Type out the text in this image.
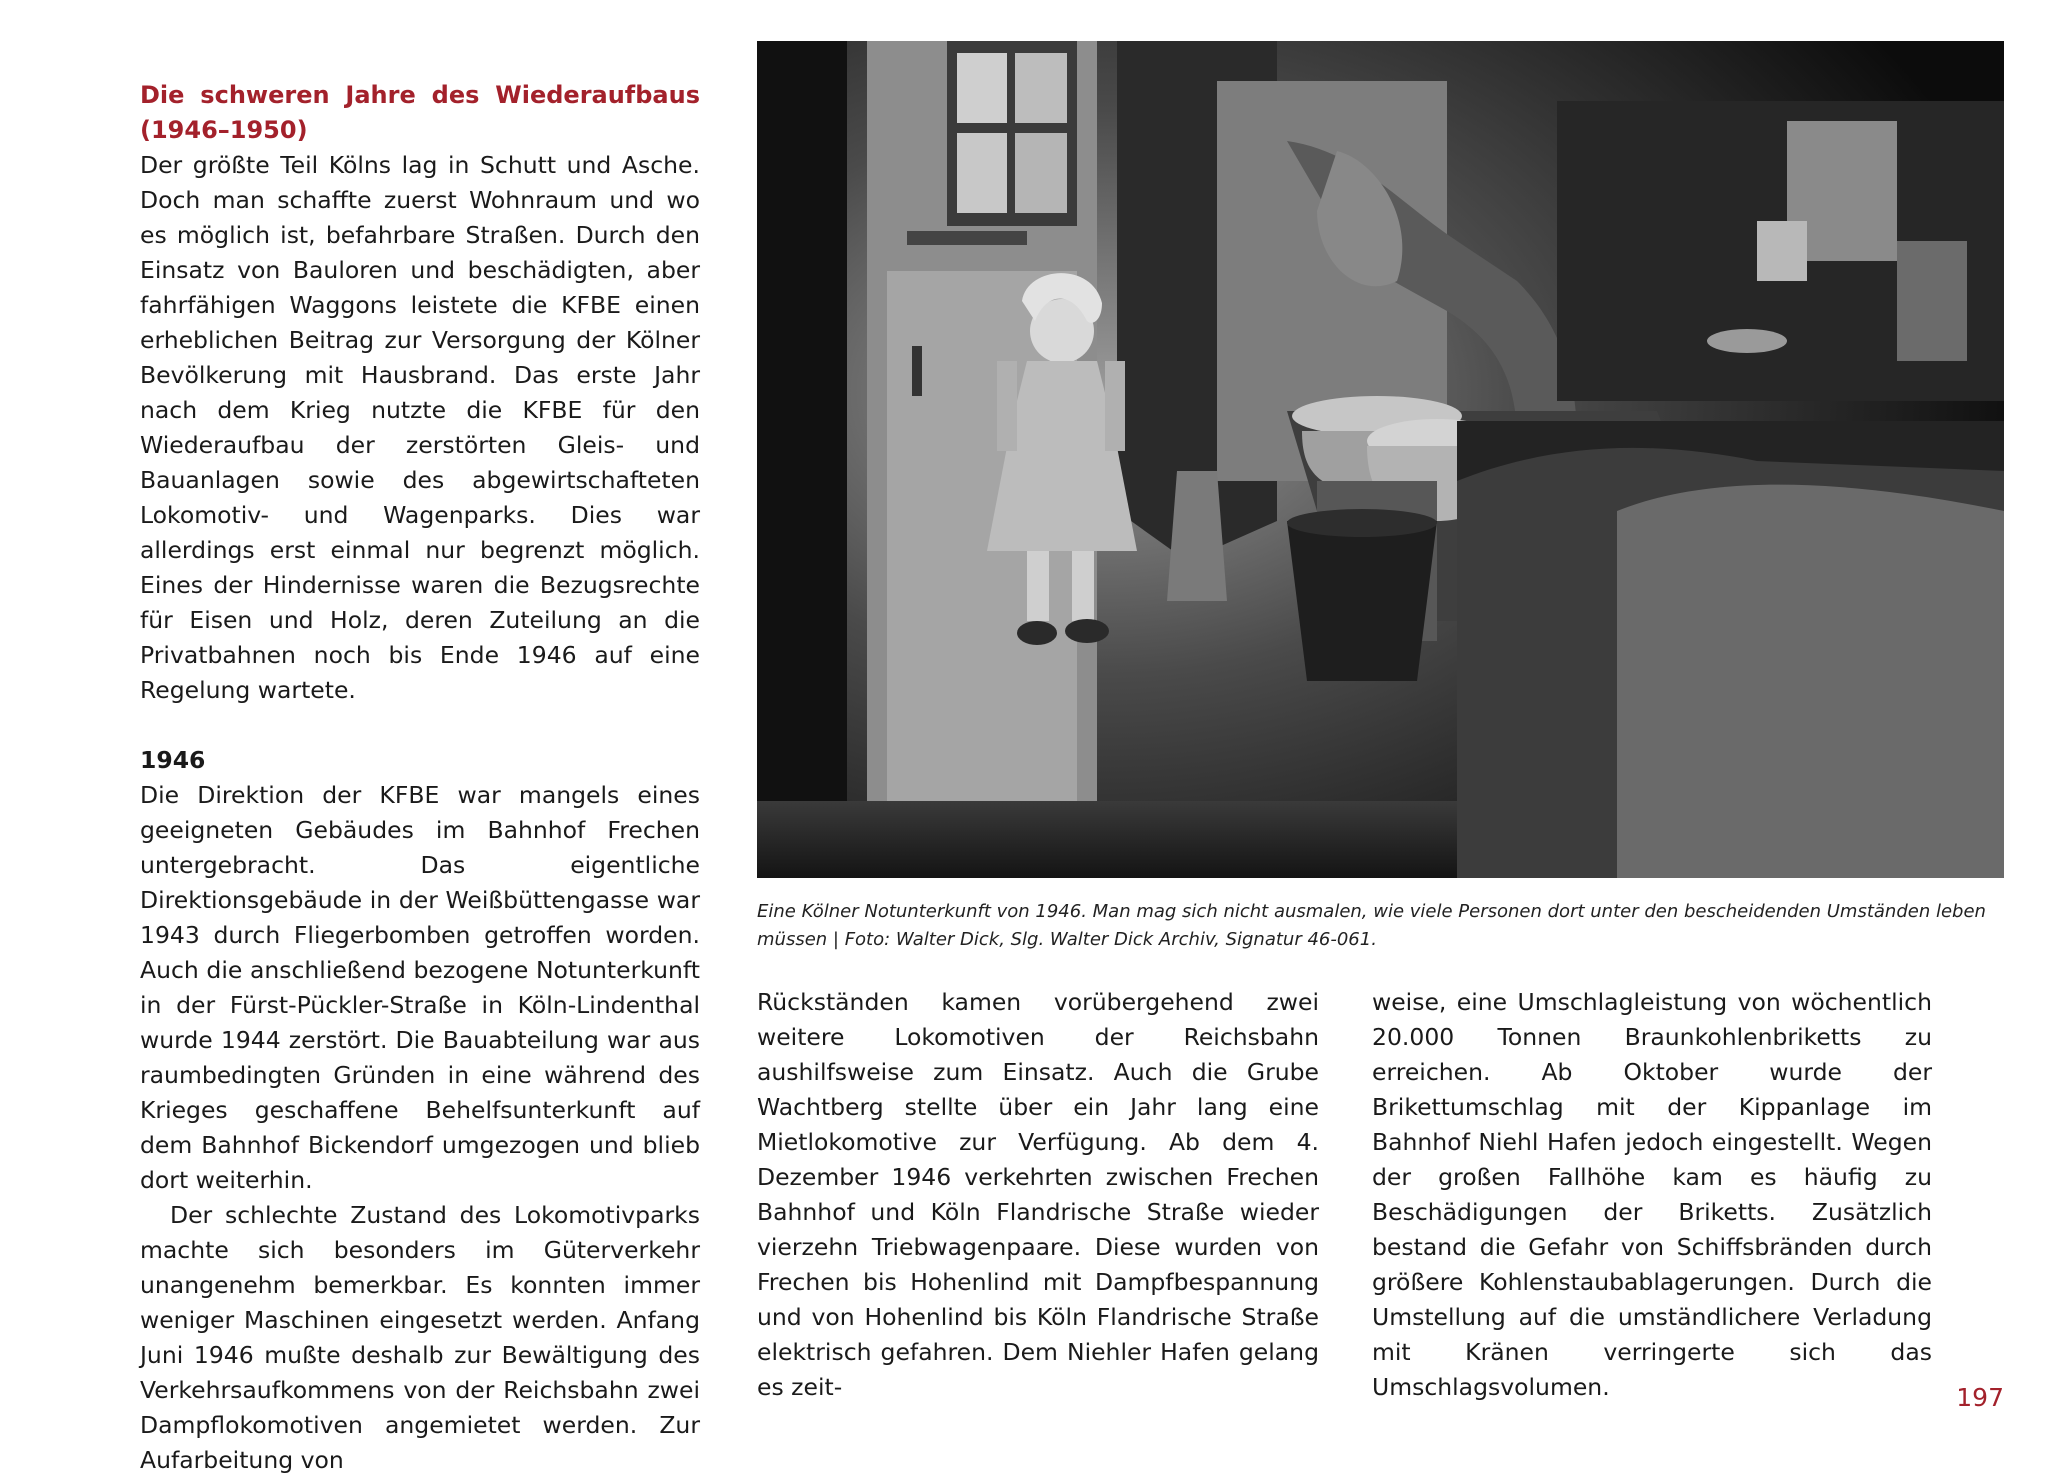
Die schweren Jahre des Wiederaufbaus
(1946–1950)

Der größte Teil Kölns lag in Schutt und Asche. Doch man schaffte zuerst Wohnraum und wo es möglich ist, befahrbare Straßen. Durch den Einsatz von Bauloren und beschädigten, aber fahrfähigen Waggons leistete die KFBE einen erheblichen Beitrag zur Versorgung der Kölner Bevölkerung mit Hausbrand. Das erste Jahr nach dem Krieg nutzte die KFBE für den Wiederaufbau der zerstörten Gleis- und Bauanlagen sowie des abgewirtschafteten Lokomotiv- und Wagenparks. Dies war allerdings erst einmal nur begrenzt möglich. Eines der Hindernisse waren die Bezugsrechte für Eisen und Holz, deren Zuteilung an die Privatbahnen noch bis Ende 1946 auf eine Regelung wartete.

1946

Die Direktion der KFBE war mangels eines geeigneten Gebäudes im Bahnhof Frechen untergebracht. Das eigentliche Direktionsgebäude in der Weißbüttengasse war 1943 durch Fliegerbomben getroffen worden. Auch die anschließend bezogene Notunterkunft in der Fürst-Pückler-Straße in Köln-Lindenthal wurde 1944 zerstört. Die Bauabteilung war aus raumbedingten Gründen in eine während des Krieges geschaffene Behelfsunterkunft auf dem Bahnhof Bickendorf umgezogen und blieb dort weiterhin.

Der schlechte Zustand des Lokomotivparks machte sich besonders im Güterverkehr unangenehm bemerkbar. Es konnten immer weniger Maschinen eingesetzt werden. Anfang Juni 1946 mußte deshalb zur Bewältigung des Verkehrsaufkommens von der Reichsbahn zwei Dampflokomotiven angemietet werden. Zur Aufarbeitung von

Eine Kölner Notunterkunft von 1946. Man mag sich nicht ausmalen, wie viele Personen dort unter den bescheidenden Umständen leben müssen | Foto: Walter Dick, Slg. Walter Dick Archiv, Signatur 46-061.

Rückständen kamen vorübergehend zwei weitere Lokomotiven der Reichsbahn aushilfsweise zum Einsatz. Auch die Grube Wachtberg stellte über ein Jahr lang eine Mietlokomotive zur Verfügung. Ab dem 4. Dezember 1946 verkehrten zwischen Frechen Bahnhof und Köln Flandrische Straße wieder vierzehn Triebwagenpaare. Diese wurden von Frechen bis Hohenlind mit Dampfbespannung und von Hohenlind bis Köln Flandrische Straße elektrisch gefahren. Dem Niehler Hafen gelang es zeit-

weise, eine Umschlagleistung von wöchentlich 20.000 Tonnen Braunkohlenbriketts zu erreichen. Ab Oktober wurde der Brikettumschlag mit der Kippanlage im Bahnhof Niehl Hafen jedoch eingestellt. Wegen der großen Fallhöhe kam es häufig zu Beschädigungen der Briketts. Zusätzlich bestand die Gefahr von Schiffsbränden durch größere Kohlenstaubablagerungen. Durch die Umstellung auf die umständlichere Verladung mit Kränen verringerte sich das Umschlagsvolumen.	197
